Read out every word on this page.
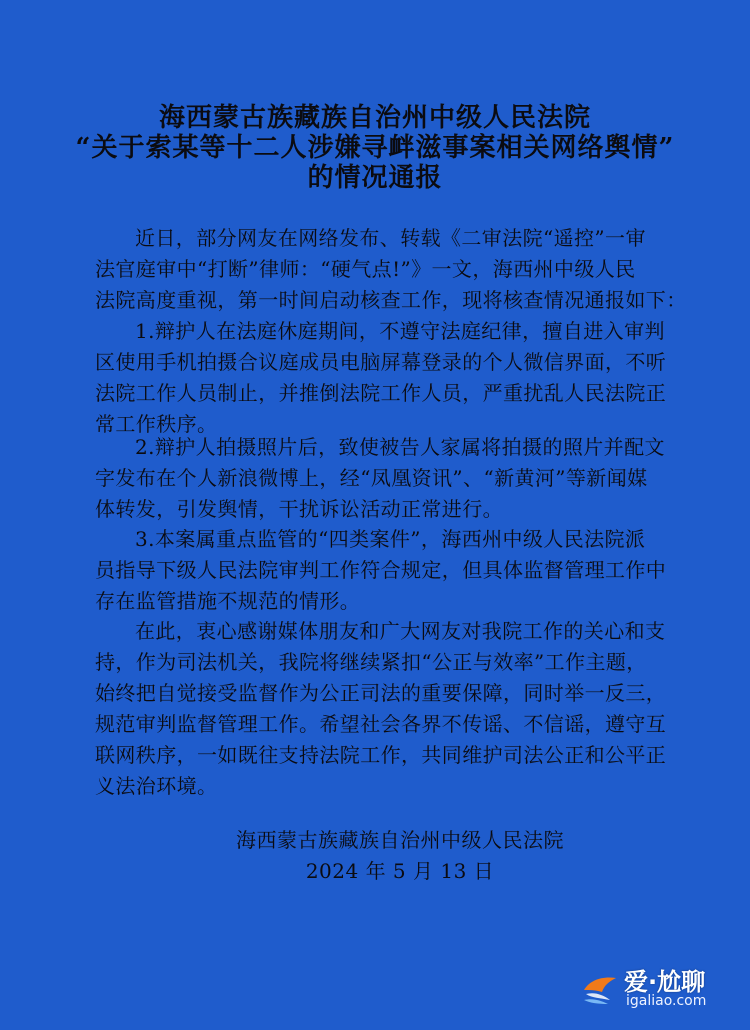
海西蒙古族藏族自治州中级人民法院
“关于索某等十二人涉嫌寻衅滋事案相关网络舆情”
的情况通报

近日，部分网友在网络发布、转载《二审法院“遥控”一审
法官庭审中“打断”律师：“硬气点!”》一文，海西州中级人民
法院高度重视，第一时间启动核查工作，现将核查情况通报如下：

1.辩护人在法庭休庭期间，不遵守法庭纪律，擅自进入审判
区使用手机拍摄合议庭成员电脑屏幕登录的个人微信界面，不听
法院工作人员制止，并推倒法院工作人员，严重扰乱人民法院正
常工作秩序。

2.辩护人拍摄照片后，致使被告人家属将拍摄的照片并配文
字发布在个人新浪微博上，经“凤凰资讯”、“新黄河”等新闻媒
体转发，引发舆情，干扰诉讼活动正常进行。

3.本案属重点监管的“四类案件”，海西州中级人民法院派
员指导下级人民法院审判工作符合规定，但具体监督管理工作中
存在监管措施不规范的情形。

在此，衷心感谢媒体朋友和广大网友对我院工作的关心和支
持，作为司法机关，我院将继续紧扣“公正与效率”工作主题，
始终把自觉接受监督作为公正司法的重要保障，同时举一反三，
规范审判监督管理工作。希望社会各界不传谣、不信谣，遵守互
联网秩序，一如既往支持法院工作，共同维护司法公正和公平正
义法治环境。

海西蒙古族藏族自治州中级人民法院
2024 年 5 月 13 日
爱·尬聊
igaliao.com
